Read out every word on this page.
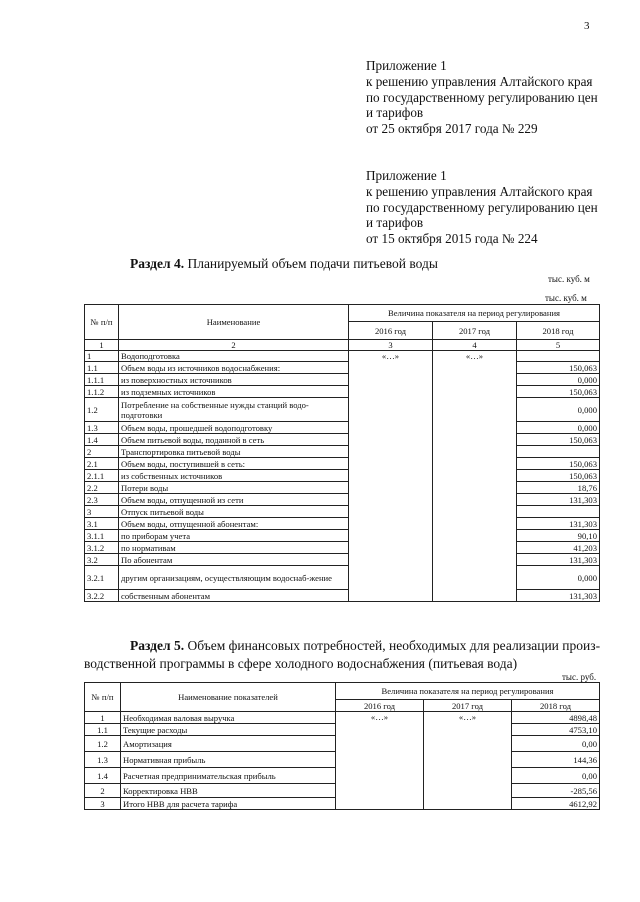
3
Приложение 1
к решению управления Алтайского края
по государственному регулированию цен
и тарифов
от 25 октября 2017 года № 229
Приложение 1
к решению управления Алтайского края
по государственному регулированию цен
и тарифов
от 15 октября 2015 года № 224
Раздел 4. Планируемый объем подачи питьевой воды
тыс. куб. м
тыс. куб. м
№ п/п	Наименование	Величина показателя на период регулирования		
		2016 год	2017 год	2018 год
1	2	3	4	5
1	Водоподготовка	«…»	«…»	
1.1	Объем воды из источников водоснабжения:			150,063
1.1.1	из поверхностных источников			0,000
1.1.2	из подземных источников			150,063
1.2	Потребление на собственные нужды станций водо-подготовки			0,000
1.3	Объем воды, прошедшей водоподготовку			0,000
1.4	Объем питьевой воды, поданной в сеть			150,063
2	Транспортировка питьевой воды			
2.1	Объем воды, поступившей в сеть:			150,063
2.1.1	из собственных источников			150,063
2.2	Потери воды			18,76
2.3	Объем воды, отпущенной из сети			131,303
3	Отпуск питьевой воды			
3.1	Объем воды, отпущенной абонентам:			131,303
3.1.1	по приборам учета			90,10
3.1.2	по нормативам			41,203
3.2	По абонентам			131,303
3.2.1	другим организациям, осуществляющим водоснаб-жение			0,000
3.2.2	собственным абонентам			131,303
Раздел 5. Объем финансовых потребностей, необходимых для реализации произ-
водственной программы в сфере холодного водоснабжения (питьевая вода)
тыс. руб.
№ п/п	Наименование показателей	Величина показателя на период регулирования		
		2016 год	2017 год	2018 год
1	Необходимая валовая выручка	«…»	«…»	4898,48
1.1	Текущие расходы			4753,10
1.2	Амортизация			0,00
1.3	Нормативная прибыль			144,36
1.4	Расчетная предпринимательская прибыль			0,00
2	Корректировка НВВ			-285,56
3	Итого НВВ для расчета тарифа			4612,92
